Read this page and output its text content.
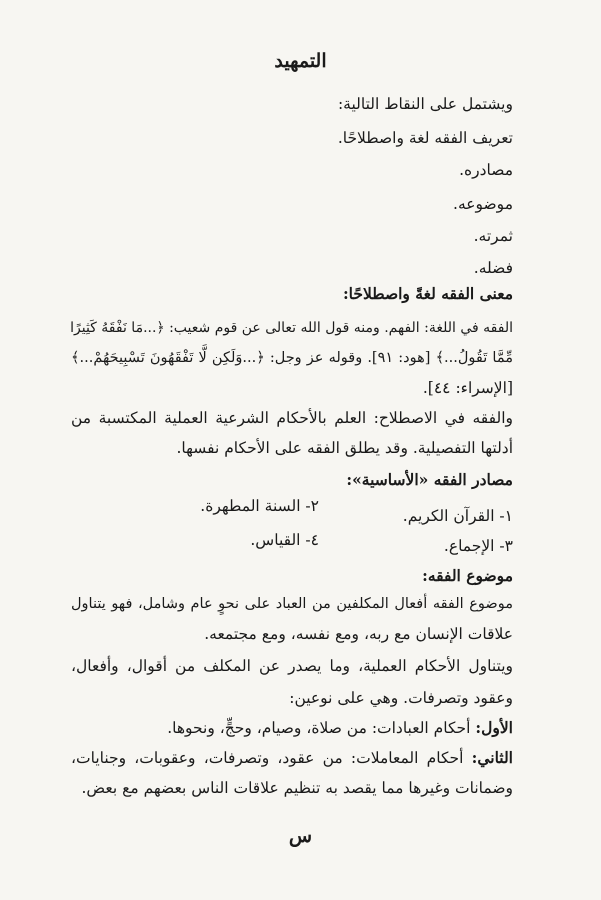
التمهيد
ويشتمل على النقاط التالية:
تعريف الفقه لغة واصطلاحًا.
مصادره.
موضوعه.
ثمرته.
فضله.
معنى الفقه لغةً واصطلاحًا:
الفقه في اللغة: الفهم. ومنه قول الله تعالى عن قوم شعيب: ﴿...مَا نَفْقَهُ كَثِيرًا
مِّمَّا تَقُولُ...﴾ [هود: ٩١]. وقوله عز وجل: ﴿...وَلَكِن لَّا تَفْقَهُونَ تَسْبِيحَهُمْ...﴾
[الإسراء: ٤٤].
والفقه في الاصطلاح: العلم بالأحكام الشرعية العملية المكتسبة من
أدلتها التفصيلية. وقد يطلق الفقه على الأحكام نفسها.
مصادر الفقه «الأساسية»:
١- القرآن الكريم.
٢- السنة المطهرة.
٣- الإجماع.
٤- القياس.
موضوع الفقه:
موضوع الفقه أفعال المكلفين من العباد على نحوٍ عام وشامل، فهو يتناول
علاقات الإنسان مع ربه، ومع نفسه، ومع مجتمعه.
ويتناول الأحكام العملية، وما يصدر عن المكلف من أقوال، وأفعال،
وعقود وتصرفات. وهي على نوعين:
الأول: أحكام العبادات: من صلاة، وصيام، وحجٍّ، ونحوها.
الثاني: أحكام المعاملات: من عقود، وتصرفات، وعقوبات، وجنايات،
وضمانات وغيرها مما يقصد به تنظيم علاقات الناس بعضهم مع بعض.
س
